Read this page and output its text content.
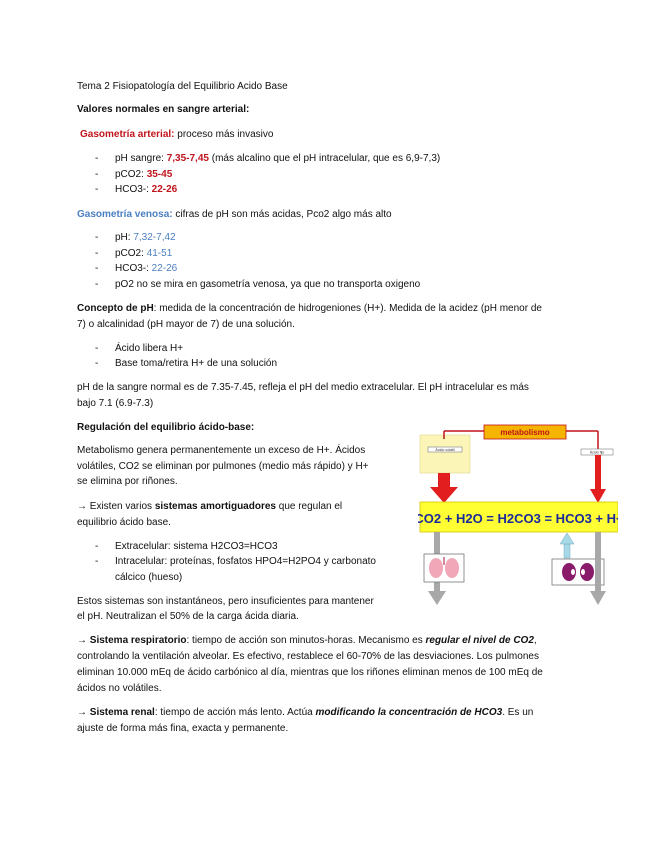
Tema 2 Fisiopatología del Equilibrio Acido Base
Valores normales en sangre arterial:
Gasometría arterial: proceso más invasivo
- pH sangre: 7,35-7,45 (más alcalino que el pH intracelular, que es 6,9-7,3)
- pCO2: 35-45
- HCO3-: 22-26
Gasometría venosa: cifras de pH son más acidas, Pco2 algo más alto
- pH: 7,32-7,42
- pCO2: 41-51
- HCO3-: 22-26
- pO2 no se mira en gasometría venosa, ya que no transporta oxigeno
Concepto de pH: medida de la concentración de hidrogeniones (H+). Medida de la acidez (pH menor de
7) o alcalinidad (pH mayor de 7) de una solución.
- Ácido libera H+
- Base toma/retira H+ de una solución
pH de la sangre normal es de 7.35-7.45, refleja el pH del medio extracelular. El pH intracelular es más
bajo 7.1 (6.9-7.3)
Regulación del equilibrio ácido-base:
Metabolismo genera permanentemente un exceso de H+. Ácidos
volátiles, CO2 se eliminan por pulmones (medio más rápido) y H+
se elimina por riñones.
→ Existen varios sistemas amortiguadores que regulan el
equilibrio ácido base.
- Extracelular: sistema H2CO3=HCO3
- Intracelular: proteínas, fosfatos HPO4=H2PO4 y carbonato
cálcico (hueso)
Estos sistemas son instantáneos, pero insuficientes para mantener
el pH. Neutralizan el 50% de la carga ácida diaria.
→ Sistema respiratorio: tiempo de acción son minutos-horas. Mecanismo es regular el nivel de CO2,
controlando la ventilación alveolar. Es efectivo, restablece el 60-70% de las desviaciones. Los pulmones
eliminan 10.000 mEq de ácido carbónico al día, mientras que los riñones eliminan menos de 100 mEq de
ácidos no volátiles.
→ Sistema renal: tiempo de acción más lento. Actúa modificando la concentración de HCO3. Es un
ajuste de forma más fina, exacta y permanente.
Ácido volátil
metabolismo
Ácido fijo
CO2 + H2O = H2CO3 = HCO3 + H+
